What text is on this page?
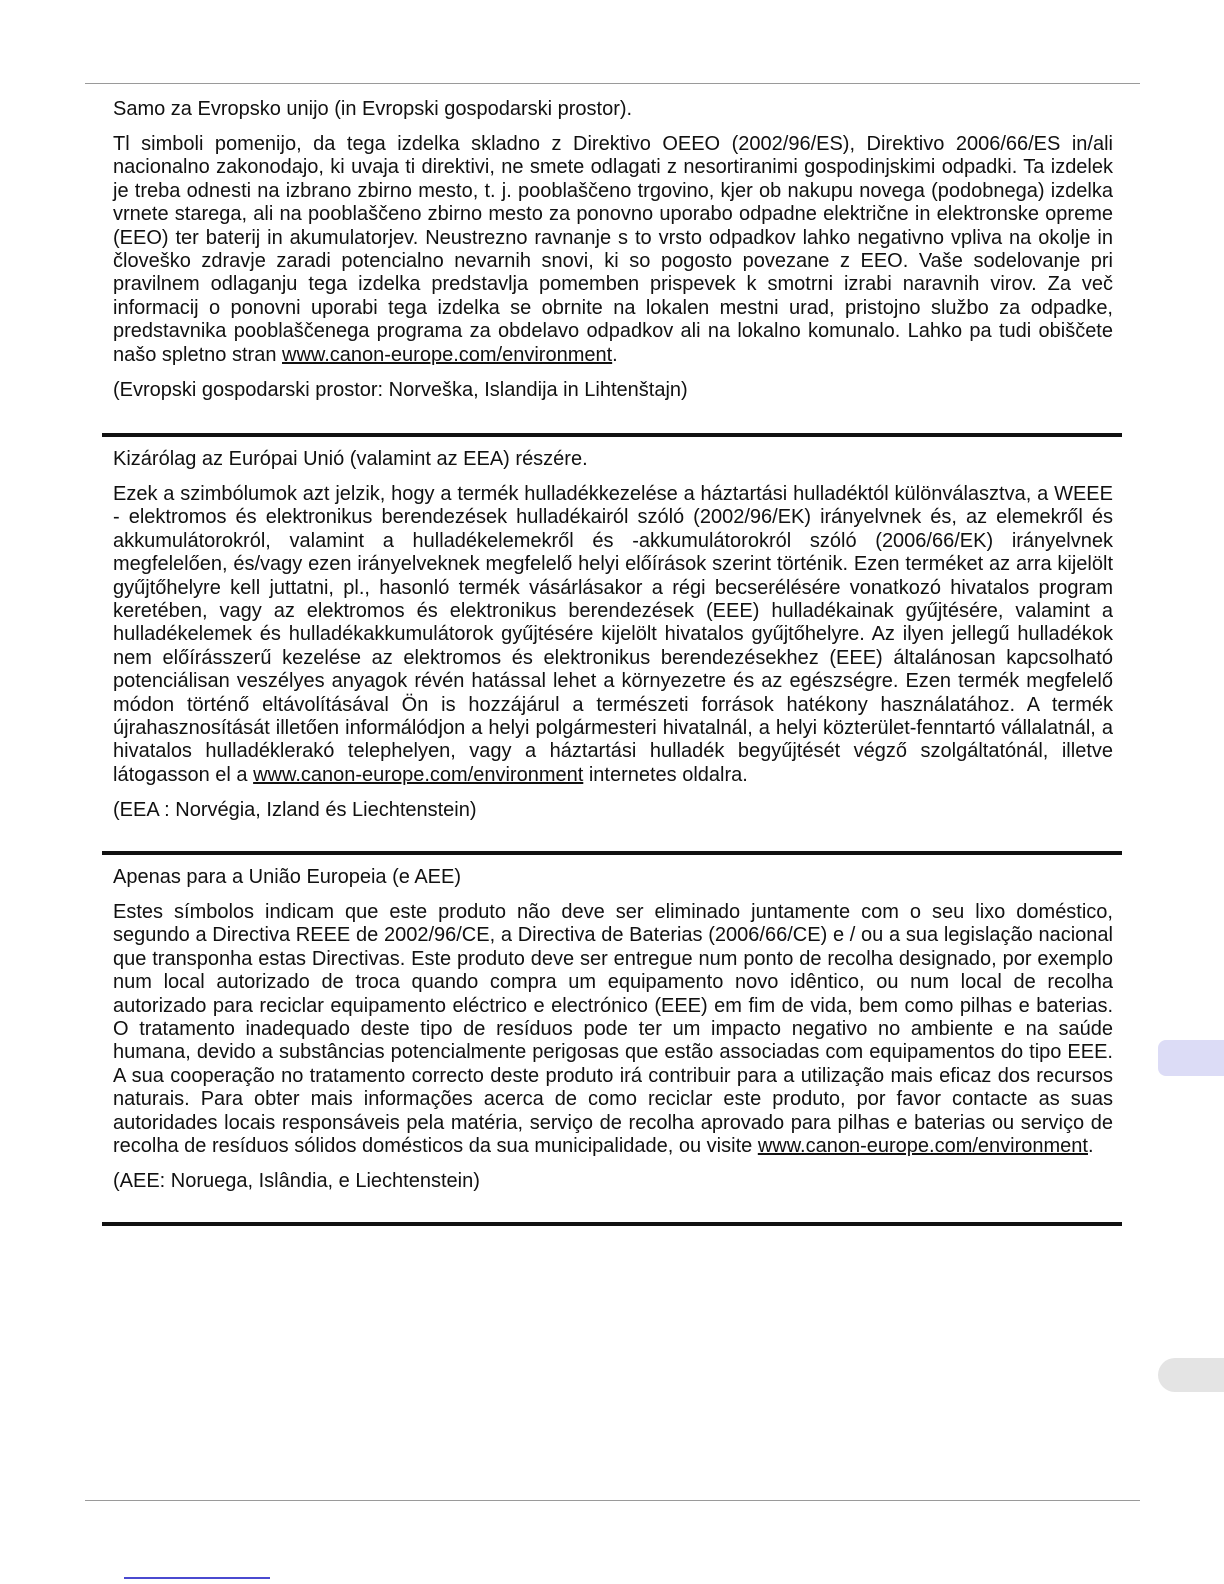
Samo za Evropsko unijo (in Evropski gospodarski prostor).

Tl simboli pomenijo, da tega izdelka skladno z Direktivo OEEO (2002/96/ES), Direktivo 2006/66/ES in/ali nacionalno zakonodajo, ki uvaja ti direktivi, ne smete odlagati z nesortiranimi gospodinjskimi odpadki. Ta izdelek je treba odnesti na izbrano zbirno mesto, t. j. pooblaščeno trgovino, kjer ob nakupu novega (podobnega) izdelka vrnete starega, ali na pooblaščeno zbirno mesto za ponovno uporabo odpadne električne in elektronske opreme (EEO) ter baterij in akumulatorjev. Neustrezno ravnanje s to vrsto odpadkov lahko negativno vpliva na okolje in človeško zdravje zaradi potencialno nevarnih snovi, ki so pogosto povezane z EEO. Vaše sodelovanje pri pravilnem odlaganju tega izdelka predstavlja pomemben prispevek k smotrni izrabi naravnih virov. Za več informacij o ponovni uporabi tega izdelka se obrnite na lokalen mestni urad, pristojno službo za odpadke, predstavnika pooblaščenega programa za obdelavo odpadkov ali na lokalno komunalo. Lahko pa tudi obiščete našo spletno stran www.canon-europe.com/environment.

(Evropski gospodarski prostor: Norveška, Islandija in Lihtenštajn)

Kizárólag az Európai Unió (valamint az EEA) részére.

Ezek a szimbólumok azt jelzik, hogy a termék hulladékkezelése a háztartási hulladéktól különválasztva, a WEEE - elektromos és elektronikus berendezések hulladékairól szóló (2002/96/EK) irányelvnek és, az elemekről és akkumulátorokról, valamint a hulladékelemekről és -akkumulátorokról szóló (2006/66/EK) irányelvnek megfelelően, és/vagy ezen irányelveknek megfelelő helyi előírások szerint történik. Ezen terméket az arra kijelölt gyűjtőhelyre kell juttatni, pl., hasonló termék vásárlásakor a régi becserélésére vonatkozó hivatalos program keretében, vagy az elektromos és elektronikus berendezések (EEE) hulladékainak gyűjtésére, valamint a hulladékelemek és hulladékakkumulátorok gyűjtésére kijelölt hivatalos gyűjtőhelyre. Az ilyen jellegű hulladékok nem előírásszerű kezelése az elektromos és elektronikus berendezésekhez (EEE) általánosan kapcsolható potenciálisan veszélyes anyagok révén hatással lehet a környezetre és az egészségre. Ezen termék megfelelő módon történő eltávolításával Ön is hozzájárul a természeti források hatékony használatához. A termék újrahasznosítását illetően informálódjon a helyi polgármesteri hivatalnál, a helyi közterület-fenntartó vállalatnál, a hivatalos hulladéklerakó telephelyen, vagy a háztartási hulladék begyűjtését végző szolgáltatónál, illetve látogasson el a www.canon-europe.com/environment internetes oldalra.

(EEA : Norvégia, Izland és Liechtenstein)

Apenas para a União Europeia (e AEE)

Estes símbolos indicam que este produto não deve ser eliminado juntamente com o seu lixo doméstico, segundo a Directiva REEE de 2002/96/CE, a Directiva de Baterias (2006/66/CE) e / ou a sua legislação nacional que transponha estas Directivas. Este produto deve ser entregue num ponto de recolha designado, por exemplo num local autorizado de troca quando compra um equipamento novo idêntico, ou num local de recolha autorizado para reciclar equipamento eléctrico e electrónico (EEE) em fim de vida, bem como pilhas e baterias. O tratamento inadequado deste tipo de resíduos pode ter um impacto negativo no ambiente e na saúde humana, devido a substâncias potencialmente perigosas que estão associadas com equipamentos do tipo EEE. A sua cooperação no tratamento correcto deste produto irá contribuir para a utilização mais eficaz dos recursos naturais. Para obter mais informações acerca de como reciclar este produto, por favor contacte as suas autoridades locais responsáveis pela matéria, serviço de recolha aprovado para pilhas e baterias ou serviço de recolha de resíduos sólidos domésticos da sua municipalidade, ou visite www.canon-europe.com/environment.

(AEE: Noruega, Islândia, e Liechtenstein)
